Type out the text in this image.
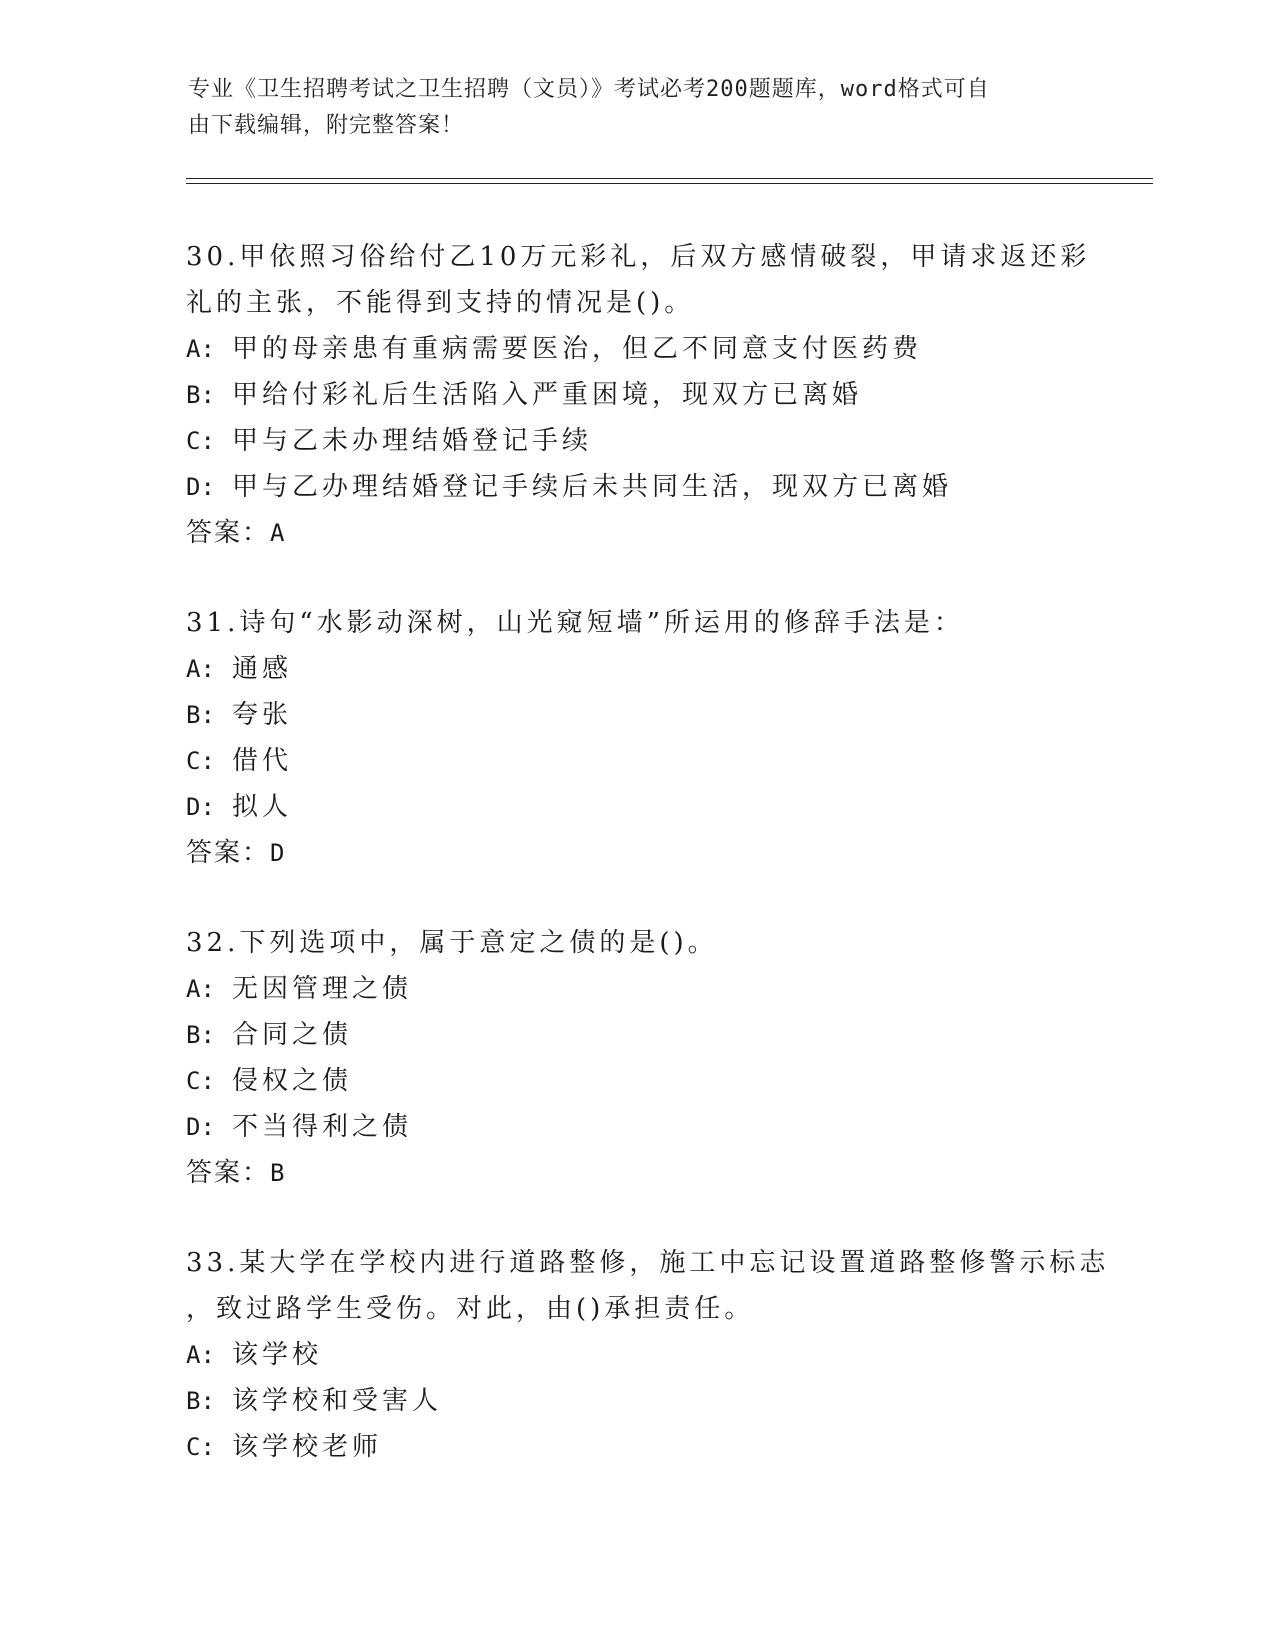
专业《卫生招聘考试之卫生招聘（文员）》考试必考200题题库，word格式可自
由下载编辑，附完整答案！

30.甲依照习俗给付乙10万元彩礼，后双方感情破裂，甲请求返还彩

礼的主张，不能得到支持的情况是()。

A: 甲的母亲患有重病需要医治，但乙不同意支付医药费
B: 甲给付彩礼后生活陷入严重困境，现双方已离婚
C: 甲与乙未办理结婚登记手续
D: 甲与乙办理结婚登记手续后未共同生活，现双方已离婚

答案：A

31.诗句“水影动深树，山光窥短墙”所运用的修辞手法是：

A: 通感
B: 夸张
C: 借代
D: 拟人

答案：D

32.下列选项中，属于意定之债的是()。

A: 无因管理之债
B: 合同之债
C: 侵权之债
D: 不当得利之债

答案：B

33.某大学在学校内进行道路整修，施工中忘记设置道路整修警示标志

，致过路学生受伤。对此，由()承担责任。

A: 该学校
B: 该学校和受害人
C: 该学校老师
